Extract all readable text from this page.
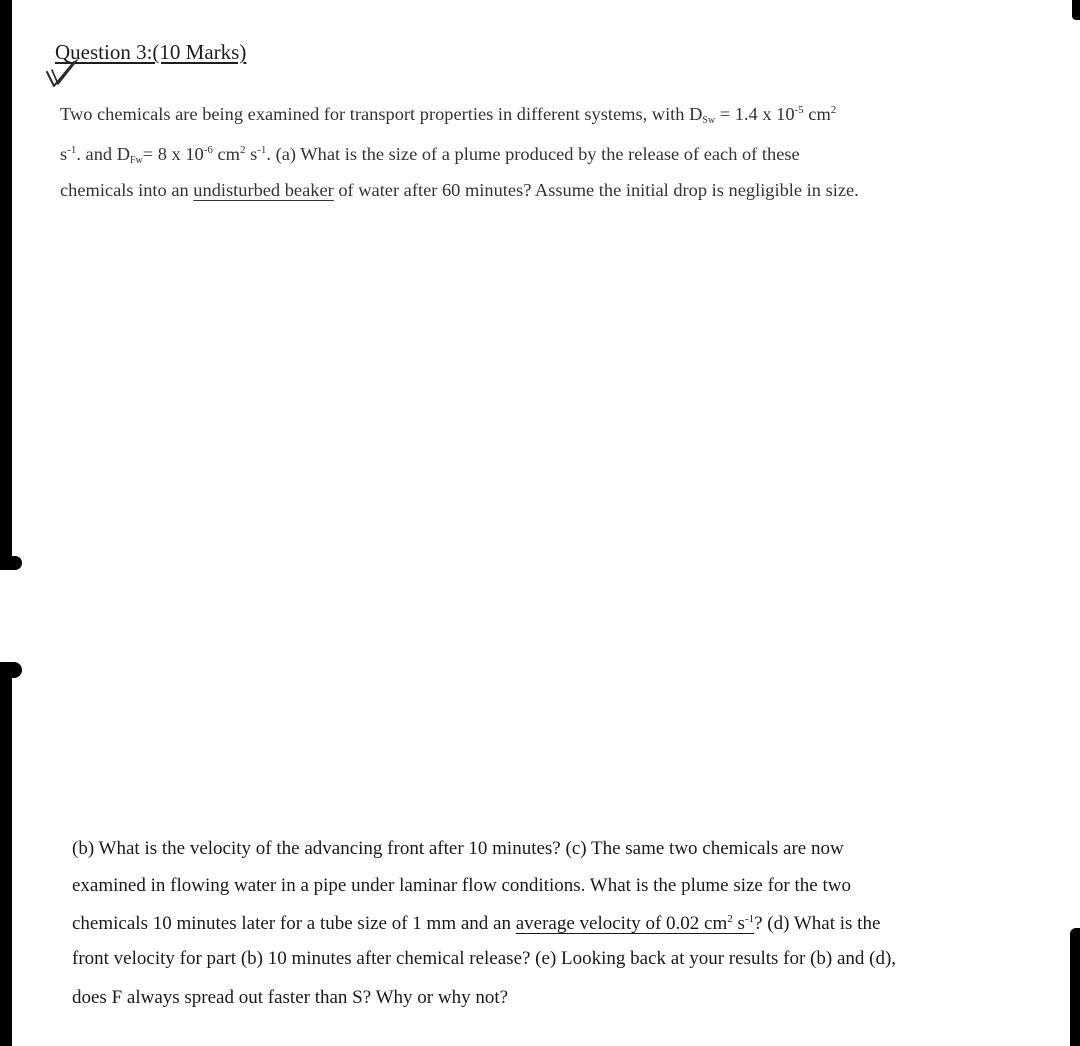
Question 3:(10 Marks)
Two chemicals are being examined for transport properties in different systems, with $D_{Sw} = 1.4$ x $10^{-5}$ $cm^2$
$s^{-1}$. and $D_{Fw}= 8$ x $10^{-6}$ $cm^2$ $s^{-1}$. (a) What is the size of a plume produced by the release of each of these
chemicals into an undisturbed beaker of water after 60 minutes? Assume the initial drop is negligible in size.
(b) What is the velocity of the advancing front after 10 minutes? (c) The same two chemicals are now
examined in flowing water in a pipe under laminar flow conditions. What is the plume size for the two
chemicals 10 minutes later for a tube size of 1 mm and an average velocity of 0.02 $cm^2$ $s^{-1}$? (d) What is the
front velocity for part (b) 10 minutes after chemical release? (e) Looking back at your results for (b) and (d),
does F always spread out faster than S? Why or why not?
